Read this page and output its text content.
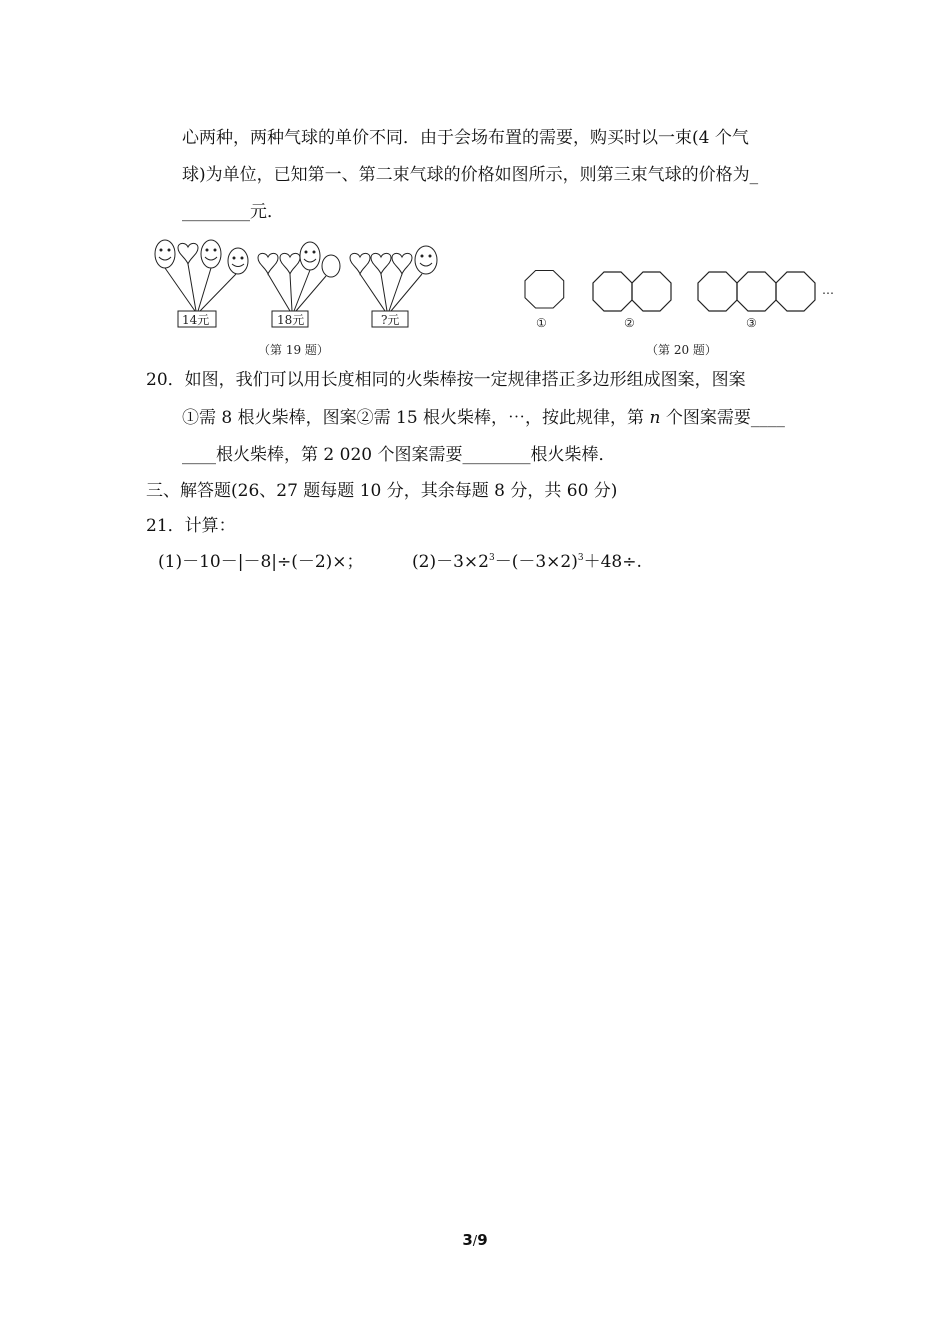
心两种，两种气球的单价不同．由于会场布置的需要，购买时以一束(4 个气
球)为单位，已知第一、第二束气球的价格如图所示，则第三束气球的价格为_
________元．
14元	18元	?元
（第 19 题）
①	②	③
…
（第 20 题）
20．如图，我们可以用长度相同的火柴棒按一定规律搭正多边形组成图案，图案
①需 8 根火柴棒，图案②需 15 根火柴棒，⋯，按此规律，第 n 个图案需要____
____根火柴棒，第 2 020 个图案需要________根火柴棒．
三、解答题(26、27 题每题 10 分，其余每题 8 分，共 60 分)
21．计算：
(1)－10－|－8|÷(－2)×；	$(2)-3\times 2^3-(-3\times 2)^3+48\div$.
3/9
